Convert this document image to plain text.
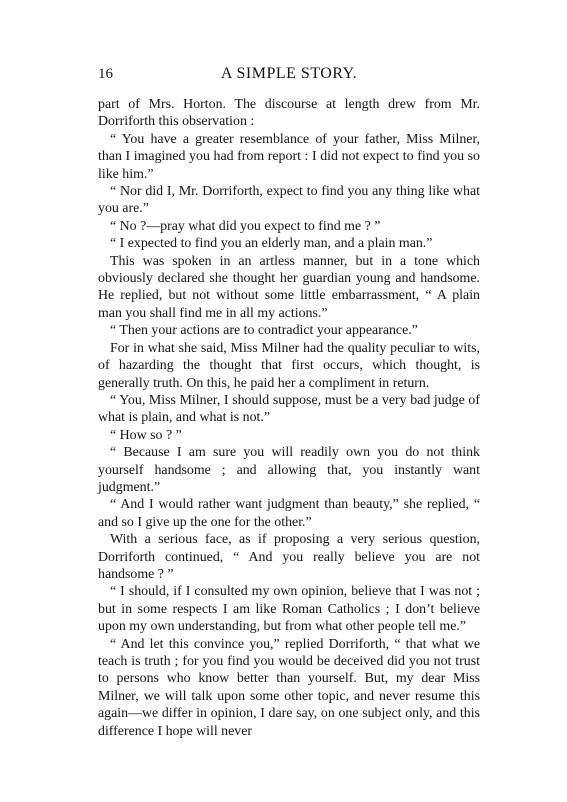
16	A SIMPLE STORY.

part of Mrs. Horton. The discourse at length drew from Mr. Dorriforth this observation :

“ You have a greater resemblance of your father, Miss Milner, than I imagined you had from report : I did not expect to find you so like him.”

“ Nor did I, Mr. Dorriforth, expect to find you any thing like what you are.”

“ No ?—pray what did you expect to find me ? ”

“ I expected to find you an elderly man, and a plain man.”

This was spoken in an artless manner, but in a tone which obviously declared she thought her guardian young and handsome. He replied, but not without some little embarrassment, “ A plain man you shall find me in all my actions.”

“ Then your actions are to contradict your appearance.”

For in what she said, Miss Milner had the quality peculiar to wits, of hazarding the thought that first occurs, which thought, is generally truth. On this, he paid her a compliment in return.

“ You, Miss Milner, I should suppose, must be a very bad judge of what is plain, and what is not.”

“ How so ? ”

“ Because I am sure you will readily own you do not think yourself handsome ; and allowing that, you instantly want judgment.”

“ And I would rather want judgment than beauty,” she replied, “ and so I give up the one for the other.”

With a serious face, as if proposing a very serious question, Dorriforth continued, “ And you really believe you are not handsome ? ”

“ I should, if I consulted my own opinion, believe that I was not ; but in some respects I am like Roman Catholics ; I don’t believe upon my own understanding, but from what other people tell me.”

“ And let this convince you,” replied Dorriforth, “ that what we teach is truth ; for you find you would be deceived did you not trust to persons who know better than yourself. But, my dear Miss Milner, we will talk upon some other topic, and never resume this again—we differ in opinion, I dare say, on one subject only, and this difference I hope will never
